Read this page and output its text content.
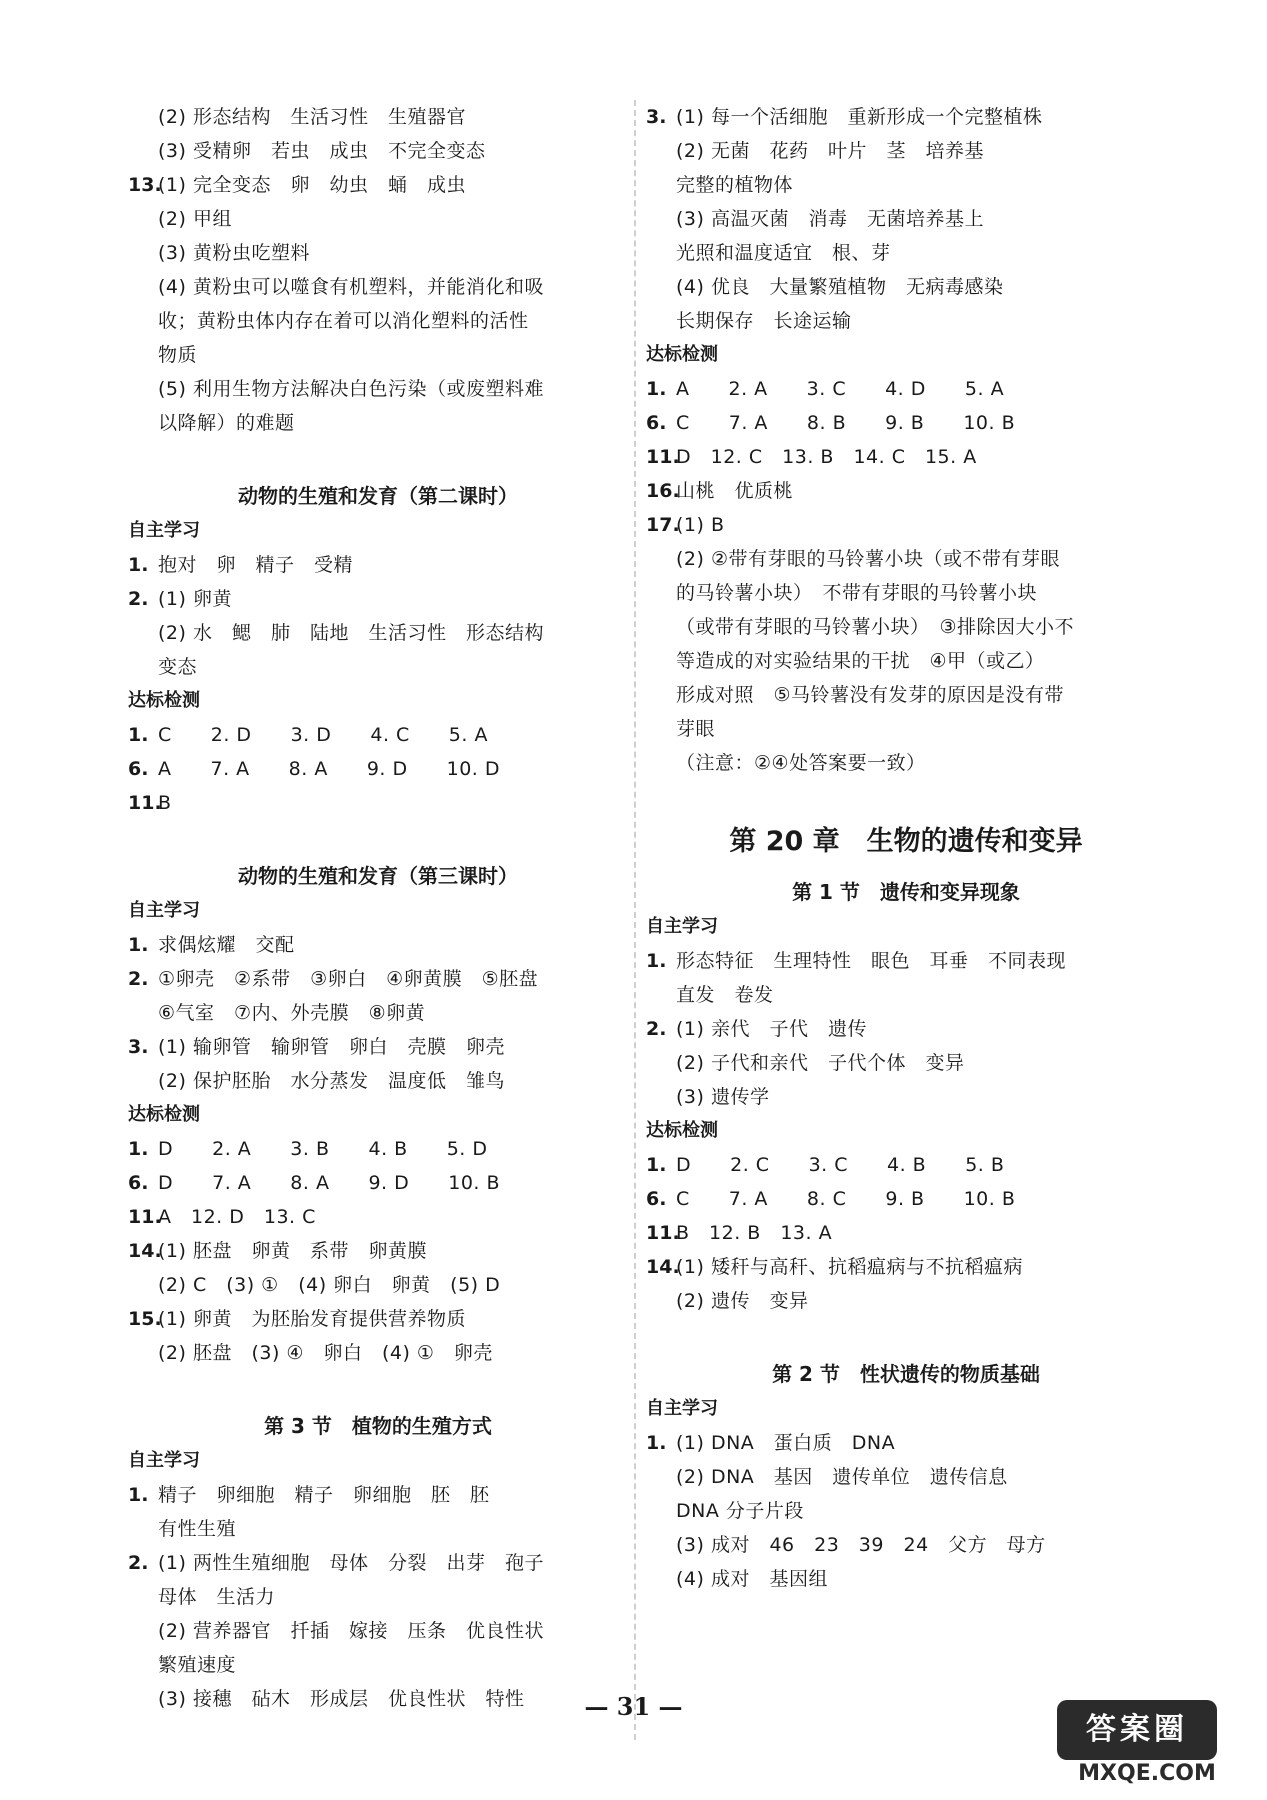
(2) 形态结构　生活习性　生殖器官
(3) 受精卵　若虫　成虫　不完全变态
13.(1) 完全变态　卵　幼虫　蛹　成虫
(2) 甲组
(3) 黄粉虫吃塑料
(4) 黄粉虫可以噬食有机塑料，并能消化和吸
收；黄粉虫体内存在着可以消化塑料的活性
物质
(5) 利用生物方法解决白色污染（或废塑料难
以降解）的难题
动物的生殖和发育（第二课时）
自主学习
1. 抱对　卵　精子　受精
2. (1) 卵黄
(2) 水　鳃　肺　陆地　生活习性　形态结构
变态
达标检测
1. C　　2. D　　3. D　　4. C　　5. A
6. A　　7. A　　8. A　　9. D　　10. D
11.B
动物的生殖和发育（第三课时）
自主学习
1. 求偶炫耀　交配
2. ①卵壳　②系带　③卵白　④卵黄膜　⑤胚盘
⑥气室　⑦内、外壳膜　⑧卵黄
3. (1) 输卵管　输卵管　卵白　壳膜　卵壳
(2) 保护胚胎　水分蒸发　温度低　雏鸟
达标检测
1. D　　2. A　　3. B　　4. B　　5. D
6. D　　7. A　　8. A　　9. D　　10. B
11.A　12. D　13. C
14.(1) 胚盘　卵黄　系带　卵黄膜
(2) C　(3) ①　(4) 卵白　卵黄　(5) D
15.(1) 卵黄　为胚胎发育提供营养物质
(2) 胚盘　(3) ④　卵白　(4) ①　卵壳
第 3 节　植物的生殖方式
自主学习
1. 精子　卵细胞　精子　卵细胞　胚　胚
有性生殖
2. (1) 两性生殖细胞　母体　分裂　出芽　孢子
母体　生活力
(2) 营养器官　扦插　嫁接　压条　优良性状
繁殖速度
(3) 接穗　砧木　形成层　优良性状　特性
3. (1) 每一个活细胞　重新形成一个完整植株
(2) 无菌　花药　叶片　茎　培养基
完整的植物体
(3) 高温灭菌　消毒　无菌培养基上
光照和温度适宜　根、芽
(4) 优良　大量繁殖植物　无病毒感染
长期保存　长途运输
达标检测
1. A　　2. A　　3. C　　4. D　　5. A
6. C　　7. A　　8. B　　9. B　　10. B
11.D　12. C　13. B　14. C　15. A
16.山桃　优质桃
17.(1) B
(2) ②带有芽眼的马铃薯小块（或不带有芽眼
的马铃薯小块）　不带有芽眼的马铃薯小块
（或带有芽眼的马铃薯小块）　③排除因大小不
等造成的对实验结果的干扰　④甲（或乙）
形成对照　⑤马铃薯没有发芽的原因是没有带
芽眼
（注意：②④处答案要一致）
第 20 章　生物的遗传和变异
第 1 节　遗传和变异现象
自主学习
1. 形态特征　生理特性　眼色　耳垂　不同表现
直发　卷发
2. (1) 亲代　子代　遗传
(2) 子代和亲代　子代个体　变异
(3) 遗传学
达标检测
1. D　　2. C　　3. C　　4. B　　5. B
6. C　　7. A　　8. C　　9. B　　10. B
11.B　12. B　13. A
14.(1) 矮秆与高秆、抗稻瘟病与不抗稻瘟病
(2) 遗传　变异
第 2 节　性状遗传的物质基础
自主学习
1. (1) DNA　蛋白质　DNA
(2) DNA　基因　遗传单位　遗传信息
DNA 分子片段
(3) 成对　46　23　39　24　父方　母方
(4) 成对　基因组
— 31 —
答案圈
MXQE.COM
